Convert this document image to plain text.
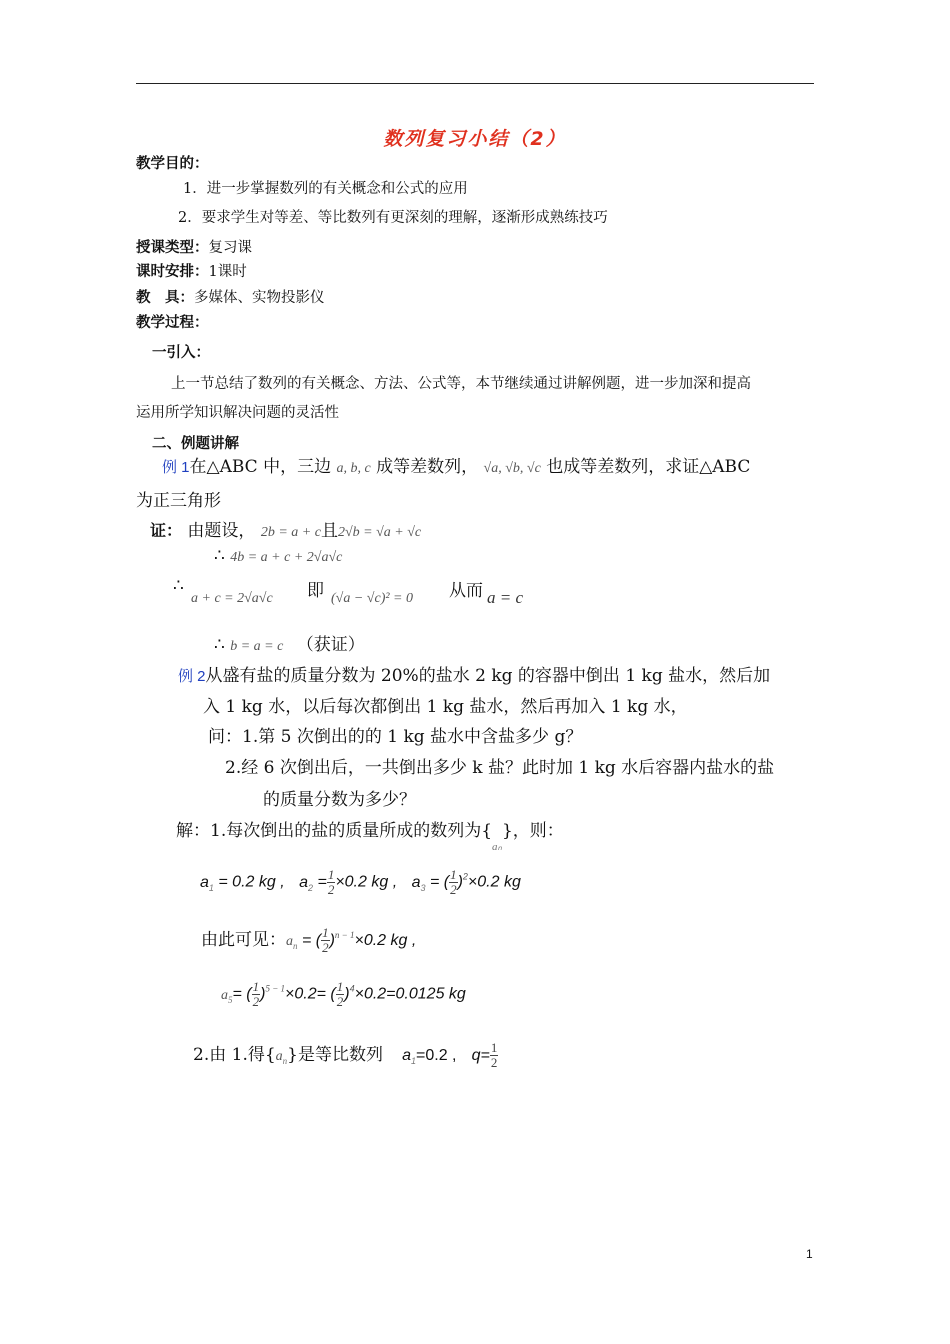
数列复习小结（2）
教学目的：
1．进一步掌握数列的有关概念和公式的应用
2．要求学生对等差、等比数列有更深刻的理解，逐渐形成熟练技巧
授课类型：复习课
课时安排：1课时
教　具：多媒体、实物投影仪
教学过程：
一引入：
上一节总结了数列的有关概念、方法、公式等，本节继续通过讲解例题，进一步加深和提高
运用所学知识解决问题的灵活性
二、例题讲解
例 1在△ABC 中，三边 a, b, c 成等差数列， √a, √b, √c 也成等差数列，求证△ABC
为正三角形
证： 由题设， 2b = a + c且2√b = √a + √c
∴ 4b = a + c + 2√a√c
∴
a + c = 2√a√c 即 (√a − √c)² = 0 从而 a = c
∴ b = a = c （获证）
例 2从盛有盐的质量分数为 20%的盐水 2 kg 的容器中倒出 1 kg 盐水，然后加
入 1 kg 水，以后每次都倒出 1 kg 盐水，然后再加入 1 kg 水，
问：1.第 5 次倒出的的 1 kg 盐水中含盐多少 g？
2.经 6 次倒出后，一共倒出多少 k 盐？此时加 1 kg 水后容器内盐水的盐
的质量分数为多少？
解：1.每次倒出的盐的质量所成的数列为$\{_{a_n}\}$，则：
$a_1 = 0.2$ kg , $a_2 = \frac{1}{2} \times 0.2$ kg , $a_3$ = ( $\frac{1}{2} )^2\times 0.2$ kg
由此可见：$a_n$ = ( $\frac{1}{2} )^{n - 1}\times 0.2$ kg ,
$a_5=$ ( $\frac{1}{2} )^{5 - 1}\times 0.2=$ ( $\frac{1}{2} )^4\times 0.2=0.0125$ kg
2.由 1.得$\{a_n\}$是等比数列 $a_1=0.2$ , $q= \frac{1}{2}$
1
